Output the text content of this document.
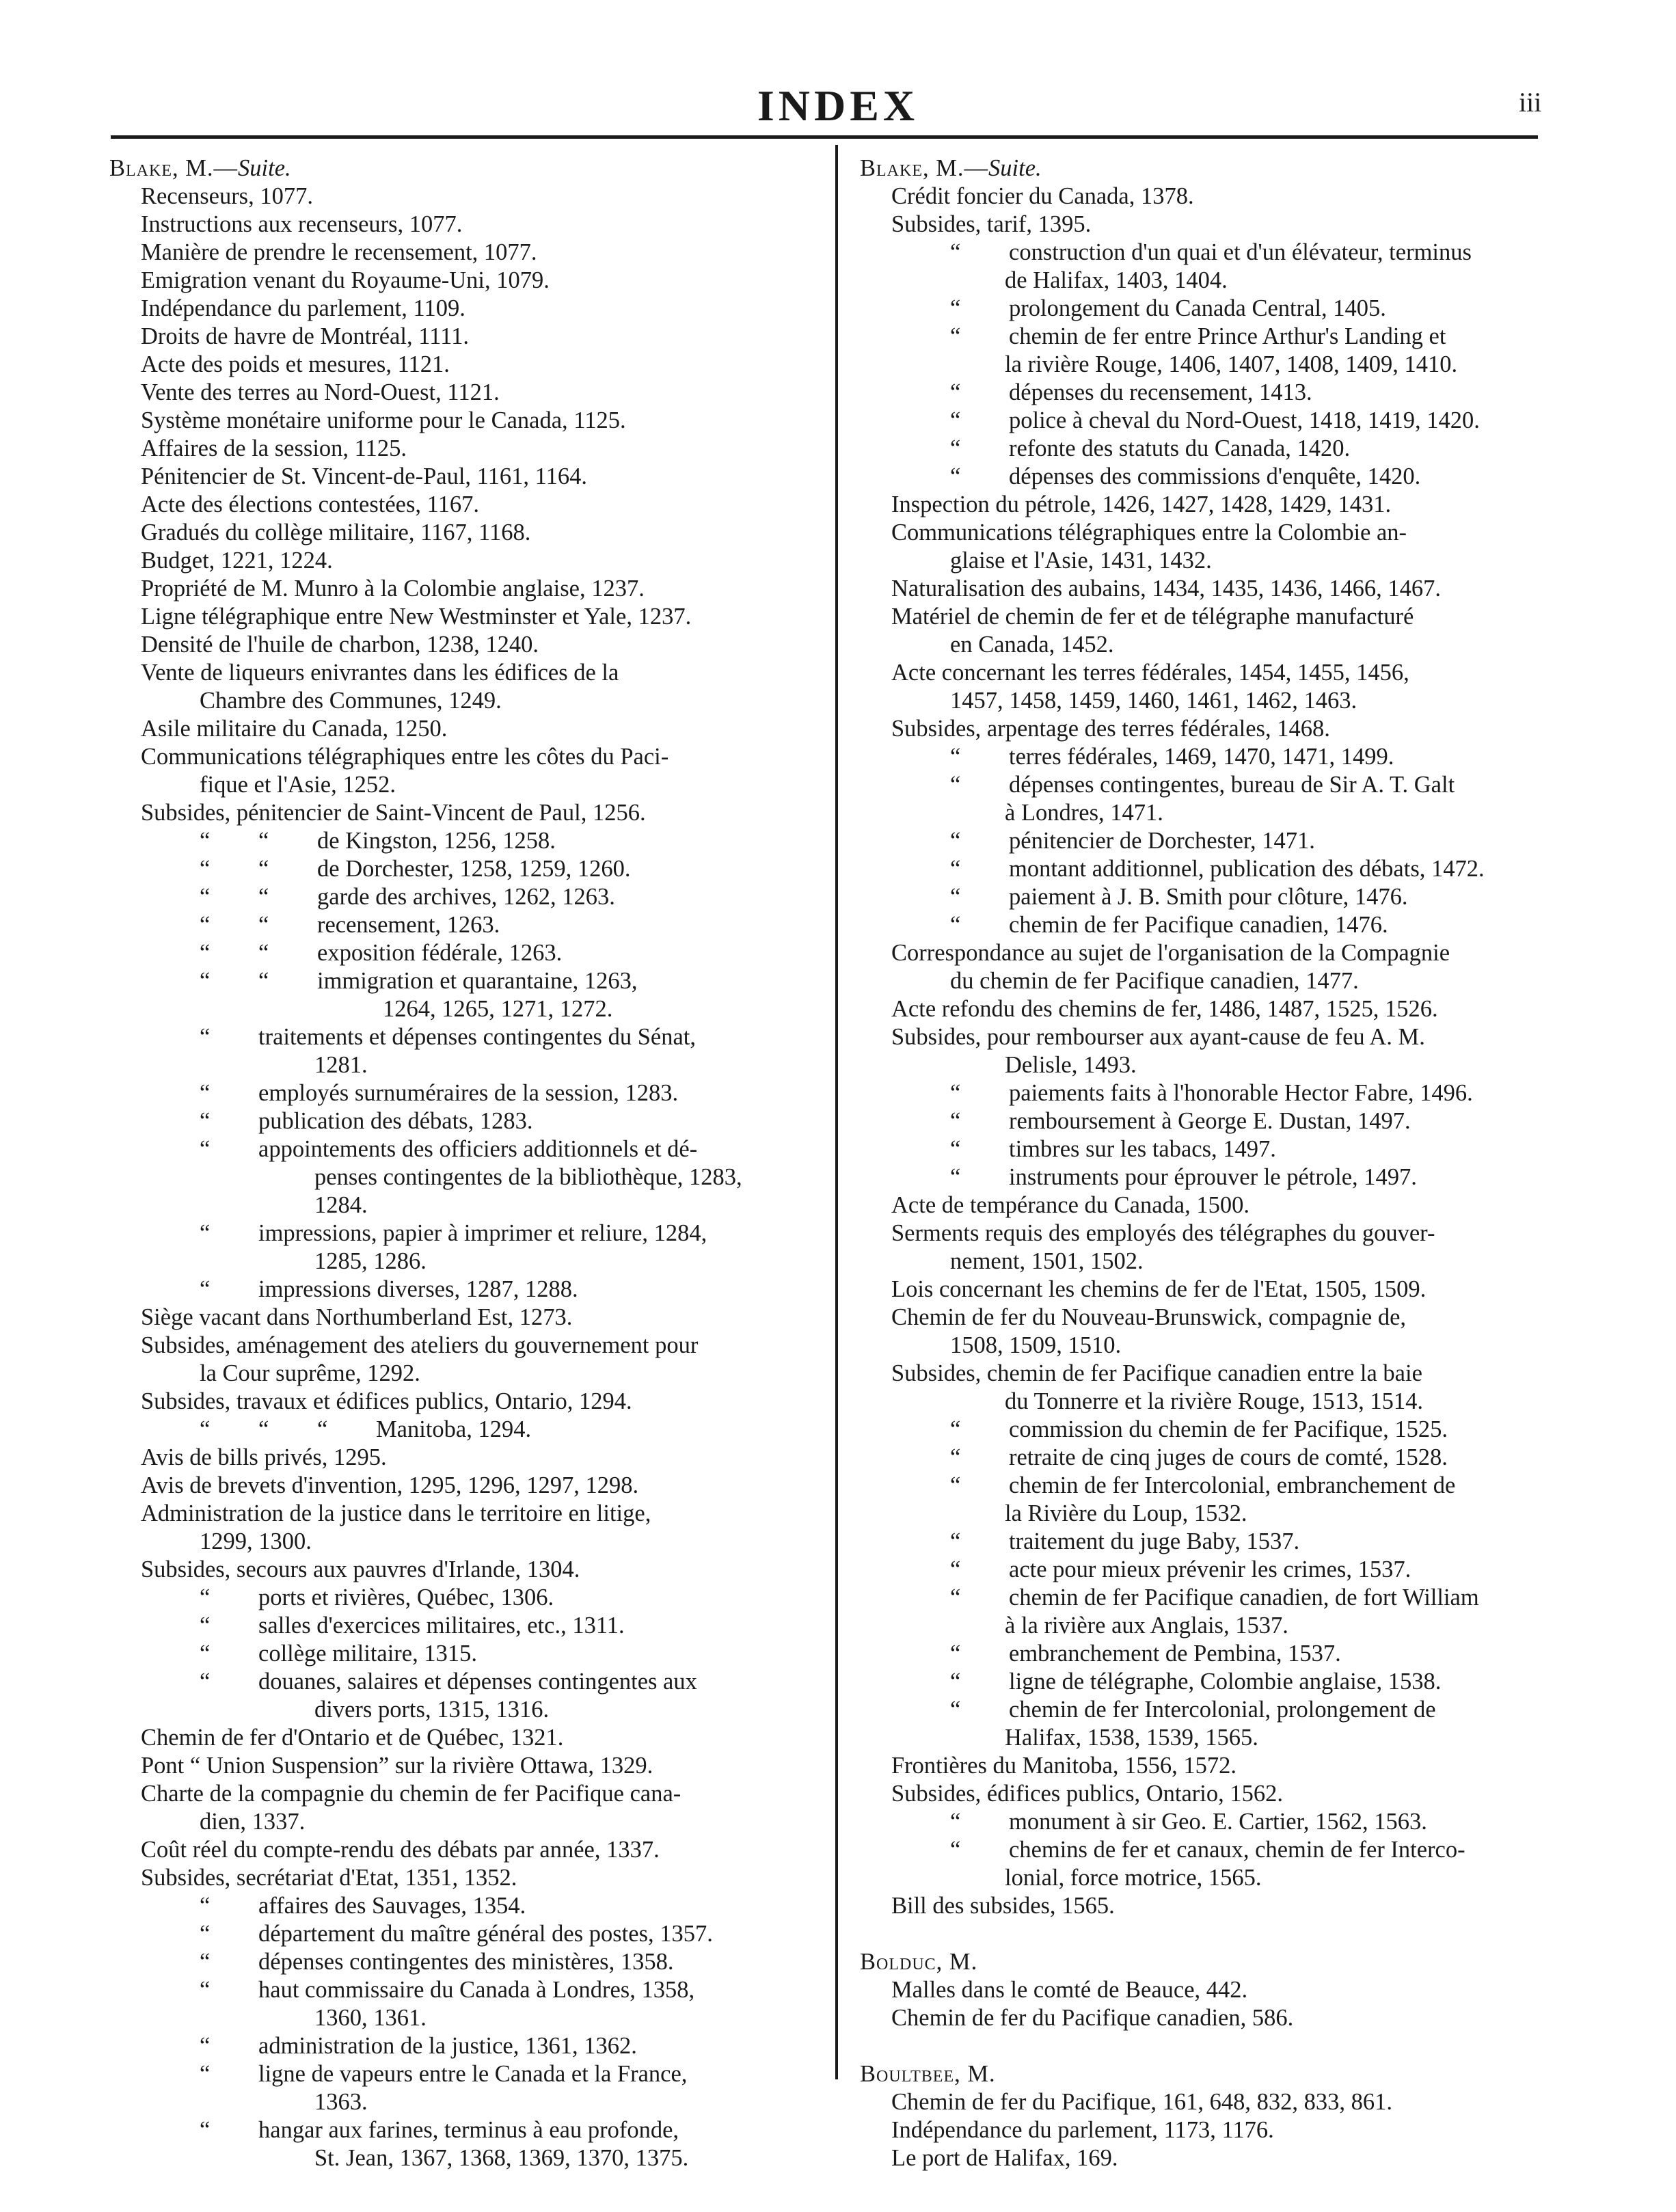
INDEX	iii
Blake, M.—Suite.
Recenseurs, 1077.
Instructions aux recenseurs, 1077.
Manière de prendre le recensement, 1077.
Emigration venant du Royaume-Uni, 1079.
Indépendance du parlement, 1109.
Droits de havre de Montréal, 1111.
Acte des poids et mesures, 1121.
Vente des terres au Nord-Ouest, 1121.
Système monétaire uniforme pour le Canada, 1125.
Affaires de la session, 1125.
Pénitencier de St. Vincent-de-Paul, 1161, 1164.
Acte des élections contestées, 1167.
Gradués du collège militaire, 1167, 1168.
Budget, 1221, 1224.
Propriété de M. Munro à la Colombie anglaise, 1237.
Ligne télégraphique entre New Westminster et Yale, 1237.
Densité de l'huile de charbon, 1238, 1240.
Vente de liqueurs enivrantes dans les édifices de la
Chambre des Communes, 1249.
Asile militaire du Canada, 1250.
Communications télégraphiques entre les côtes du Paci-
fique et l'Asie, 1252.
Subsides, pénitencier de Saint-Vincent de Paul, 1256.
“ “ de Kingston, 1256, 1258.
“ “ de Dorchester, 1258, 1259, 1260.
“ “ garde des archives, 1262, 1263.
“ “ recensement, 1263.
“ “ exposition fédérale, 1263.
“ “ immigration et quarantaine, 1263,
1264, 1265, 1271, 1272.
“ traitements et dépenses contingentes du Sénat,
1281.
“ employés surnuméraires de la session, 1283.
“ publication des débats, 1283.
“ appointements des officiers additionnels et dé-
penses contingentes de la bibliothèque, 1283,
1284.
“ impressions, papier à imprimer et reliure, 1284,
1285, 1286.
“ impressions diverses, 1287, 1288.
Siège vacant dans Northumberland Est, 1273.
Subsides, aménagement des ateliers du gouvernement pour
la Cour suprême, 1292.
Subsides, travaux et édifices publics, Ontario, 1294.
“ “ “ Manitoba, 1294.
Avis de bills privés, 1295.
Avis de brevets d'invention, 1295, 1296, 1297, 1298.
Administration de la justice dans le territoire en litige,
1299, 1300.
Subsides, secours aux pauvres d'Irlande, 1304.
“ ports et rivières, Québec, 1306.
“ salles d'exercices militaires, etc., 1311.
“ collège militaire, 1315.
“ douanes, salaires et dépenses contingentes aux
divers ports, 1315, 1316.
Chemin de fer d'Ontario et de Québec, 1321.
Pont “ Union Suspension” sur la rivière Ottawa, 1329.
Charte de la compagnie du chemin de fer Pacifique cana-
dien, 1337.
Coût réel du compte-rendu des débats par année, 1337.
Subsides, secrétariat d'Etat, 1351, 1352.
“ affaires des Sauvages, 1354.
“ département du maître général des postes, 1357.
“ dépenses contingentes des ministères, 1358.
“ haut commissaire du Canada à Londres, 1358,
1360, 1361.
“ administration de la justice, 1361, 1362.
“ ligne de vapeurs entre le Canada et la France,
1363.
“ hangar aux farines, terminus à eau profonde,
St. Jean, 1367, 1368, 1369, 1370, 1375.
Blake, M.—Suite.
Crédit foncier du Canada, 1378.
Subsides, tarif, 1395.
“ construction d'un quai et d'un élévateur, terminus
de Halifax, 1403, 1404.
“ prolongement du Canada Central, 1405.
“ chemin de fer entre Prince Arthur's Landing et
la rivière Rouge, 1406, 1407, 1408, 1409, 1410.
“ dépenses du recensement, 1413.
“ police à cheval du Nord-Ouest, 1418, 1419, 1420.
“ refonte des statuts du Canada, 1420.
“ dépenses des commissions d'enquête, 1420.
Inspection du pétrole, 1426, 1427, 1428, 1429, 1431.
Communications télégraphiques entre la Colombie an-
glaise et l'Asie, 1431, 1432.
Naturalisation des aubains, 1434, 1435, 1436, 1466, 1467.
Matériel de chemin de fer et de télégraphe manufacturé
en Canada, 1452.
Acte concernant les terres fédérales, 1454, 1455, 1456,
1457, 1458, 1459, 1460, 1461, 1462, 1463.
Subsides, arpentage des terres fédérales, 1468.
“ terres fédérales, 1469, 1470, 1471, 1499.
“ dépenses contingentes, bureau de Sir A. T. Galt
à Londres, 1471.
“ pénitencier de Dorchester, 1471.
“ montant additionnel, publication des débats, 1472.
“ paiement à J. B. Smith pour clôture, 1476.
“ chemin de fer Pacifique canadien, 1476.
Correspondance au sujet de l'organisation de la Compagnie
du chemin de fer Pacifique canadien, 1477.
Acte refondu des chemins de fer, 1486, 1487, 1525, 1526.
Subsides, pour rembourser aux ayant-cause de feu A. M.
Delisle, 1493.
“ paiements faits à l'honorable Hector Fabre, 1496.
“ remboursement à George E. Dustan, 1497.
“ timbres sur les tabacs, 1497.
“ instruments pour éprouver le pétrole, 1497.
Acte de tempérance du Canada, 1500.
Serments requis des employés des télégraphes du gouver-
nement, 1501, 1502.
Lois concernant les chemins de fer de l'Etat, 1505, 1509.
Chemin de fer du Nouveau-Brunswick, compagnie de,
1508, 1509, 1510.
Subsides, chemin de fer Pacifique canadien entre la baie
du Tonnerre et la rivière Rouge, 1513, 1514.
“ commission du chemin de fer Pacifique, 1525.
“ retraite de cinq juges de cours de comté, 1528.
“ chemin de fer Intercolonial, embranchement de
la Rivière du Loup, 1532.
“ traitement du juge Baby, 1537.
“ acte pour mieux prévenir les crimes, 1537.
“ chemin de fer Pacifique canadien, de fort William
à la rivière aux Anglais, 1537.
“ embranchement de Pembina, 1537.
“ ligne de télégraphe, Colombie anglaise, 1538.
“ chemin de fer Intercolonial, prolongement de
Halifax, 1538, 1539, 1565.
Frontières du Manitoba, 1556, 1572.
Subsides, édifices publics, Ontario, 1562.
“ monument à sir Geo. E. Cartier, 1562, 1563.
“ chemins de fer et canaux, chemin de fer Interco-
lonial, force motrice, 1565.
Bill des subsides, 1565.
Bolduc, M.
Malles dans le comté de Beauce, 442.
Chemin de fer du Pacifique canadien, 586.
Boultbee, M.
Chemin de fer du Pacifique, 161, 648, 832, 833, 861.
Indépendance du parlement, 1173, 1176.
Le port de Halifax, 169.
